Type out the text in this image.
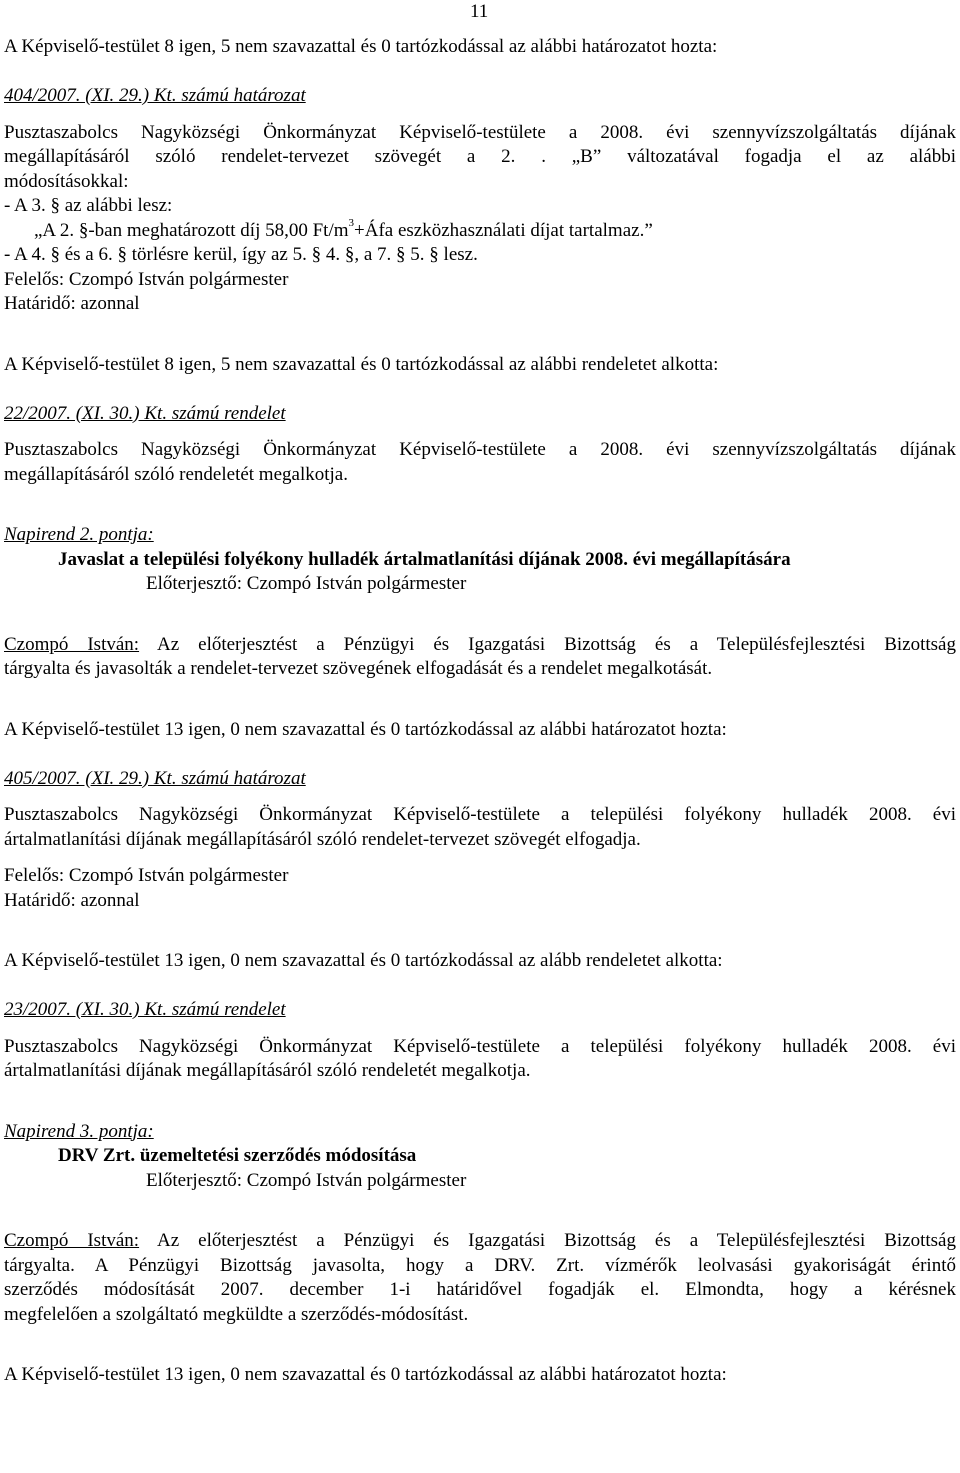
11
A Képviselő-testület 8 igen, 5 nem szavazattal és 0 tartózkodással az alábbi határozatot hozta:
404/2007. (XI. 29.) Kt. számú határozat
Pusztaszabolcs Nagyközségi Önkormányzat Képviselő-testülete a 2008. évi szennyvízszolgáltatás díjának
megállapításáról szóló rendelet-tervezet szövegét a 2. . „B” változatával fogadja el az alábbi
módosításokkal:
- A 3. § az alábbi lesz:
„A 2. §-ban meghatározott díj 58,00 $Ft/m^3+Áfa$ eszközhasználati díjat tartalmaz.”
- A 4. § és a 6. § törlésre kerül, így az 5. § 4. §, a 7. § 5. § lesz.
Felelős: Czompó István polgármester
Határidő: azonnal
A Képviselő-testület 8 igen, 5 nem szavazattal és 0 tartózkodással az alábbi rendeletet alkotta:
22/2007. (XI. 30.) Kt. számú rendelet
Pusztaszabolcs Nagyközségi Önkormányzat Képviselő-testülete a 2008. évi szennyvízszolgáltatás díjának
megállapításáról szóló rendeletét megalkotja.
Napirend 2. pontja:
Javaslat a települési folyékony hulladék ártalmatlanítási díjának 2008. évi megállapítására
Előterjesztő: Czompó István polgármester
Czompó István: Az előterjesztést a Pénzügyi és Igazgatási Bizottság és a Településfejlesztési Bizottság
tárgyalta és javasolták a rendelet-tervezet szövegének elfogadását és a rendelet megalkotását.
A Képviselő-testület 13 igen, 0 nem szavazattal és 0 tartózkodással az alábbi határozatot hozta:
405/2007. (XI. 29.) Kt. számú határozat
Pusztaszabolcs Nagyközségi Önkormányzat Képviselő-testülete a települési folyékony hulladék 2008. évi
ártalmatlanítási díjának megállapításáról szóló rendelet-tervezet szövegét elfogadja.
Felelős: Czompó István polgármester
Határidő: azonnal
A Képviselő-testület 13 igen, 0 nem szavazattal és 0 tartózkodással az alább rendeletet alkotta:
23/2007. (XI. 30.) Kt. számú rendelet
Pusztaszabolcs Nagyközségi Önkormányzat Képviselő-testülete a települési folyékony hulladék 2008. évi
ártalmatlanítási díjának megállapításáról szóló rendeletét megalkotja.
Napirend 3. pontja:
DRV Zrt. üzemeltetési szerződés módosítása
Előterjesztő: Czompó István polgármester
Czompó István: Az előterjesztést a Pénzügyi és Igazgatási Bizottság és a Településfejlesztési Bizottság
tárgyalta. A Pénzügyi Bizottság javasolta, hogy a DRV. Zrt. vízmérők leolvasási gyakoriságát érintő
szerződés módosítását 2007. december 1-i határidővel fogadják el. Elmondta, hogy a kérésnek
megfelelően a szolgáltató megküldte a szerződés-módosítást.
A Képviselő-testület 13 igen, 0 nem szavazattal és 0 tartózkodással az alábbi határozatot hozta:
